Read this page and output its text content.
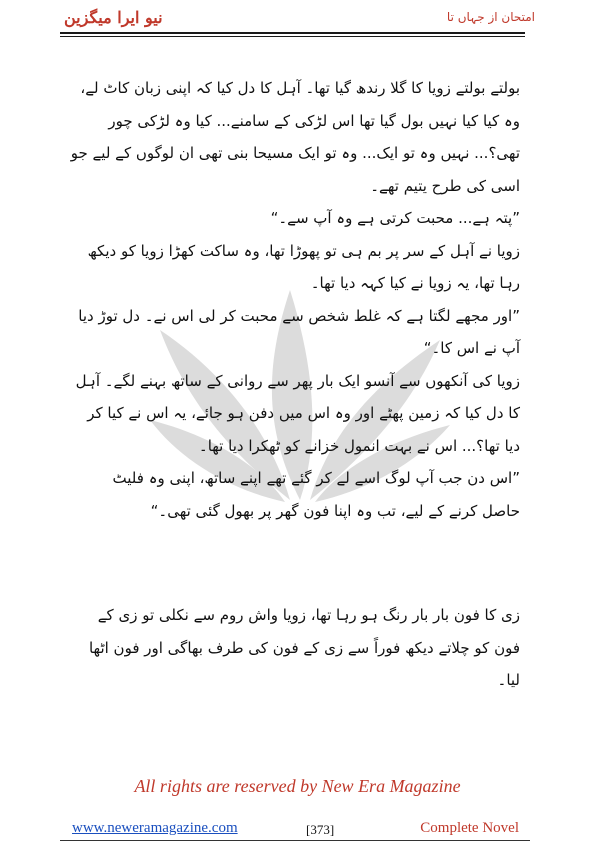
نیو ایرا میگزین	امتحان از جہاں تا

بولتے بولتے زویا کا گلا رندھ گیا تھا۔ آہل کا دل کیا کہ اپنی زبان کاٹ لے، وہ کیا کیا نہیں بول گیا تھا اس لڑکی کے سامنے... کیا وہ لڑکی چور تھی؟... نہیں وہ تو ایک... وہ تو ایک مسیحا بنی تھی ان لوگوں کے لیے جو اسی کی طرح یتیم تھے۔

”پتہ ہے... محبت کرتی ہے وہ آپ سے۔“

زویا نے آہل کے سر پر بم ہی تو پھوڑا تھا، وہ ساکت کھڑا زویا کو دیکھ رہا تھا، یہ زویا نے کیا کہہ دیا تھا۔

”اور مجھے لگتا ہے کہ غلط شخص سے محبت کر لی اس نے۔ دل توڑ دیا آپ نے اس کا۔“

زویا کی آنکھوں سے آنسو ایک بار پھر سے روانی کے ساتھ بہنے لگے۔ آہل کا دل کیا کہ زمین پھٹے اور وہ اس میں دفن ہو جائے، یہ اس نے کیا کر دیا تھا؟... اس نے بہت انمول خزانے کو ٹھکرا دیا تھا۔

”اس دن جب آپ لوگ اسے لے کر گئے تھے اپنے ساتھ، اپنی وہ فلیٹ حاصل کرنے کے لیے، تب وہ اپنا فون گھر پر بھول گئی تھی۔“

زی کا فون بار بار رنگ ہو رہا تھا، زویا واش روم سے نکلی تو زی کے فون کو چلاتے دیکھ فوراً سے زی کے فون کی طرف بھاگی اور فون اٹھا لیا۔

All rights are reserved by New Era Magazine
www.neweramagazine.com	[373]	Complete Novel
